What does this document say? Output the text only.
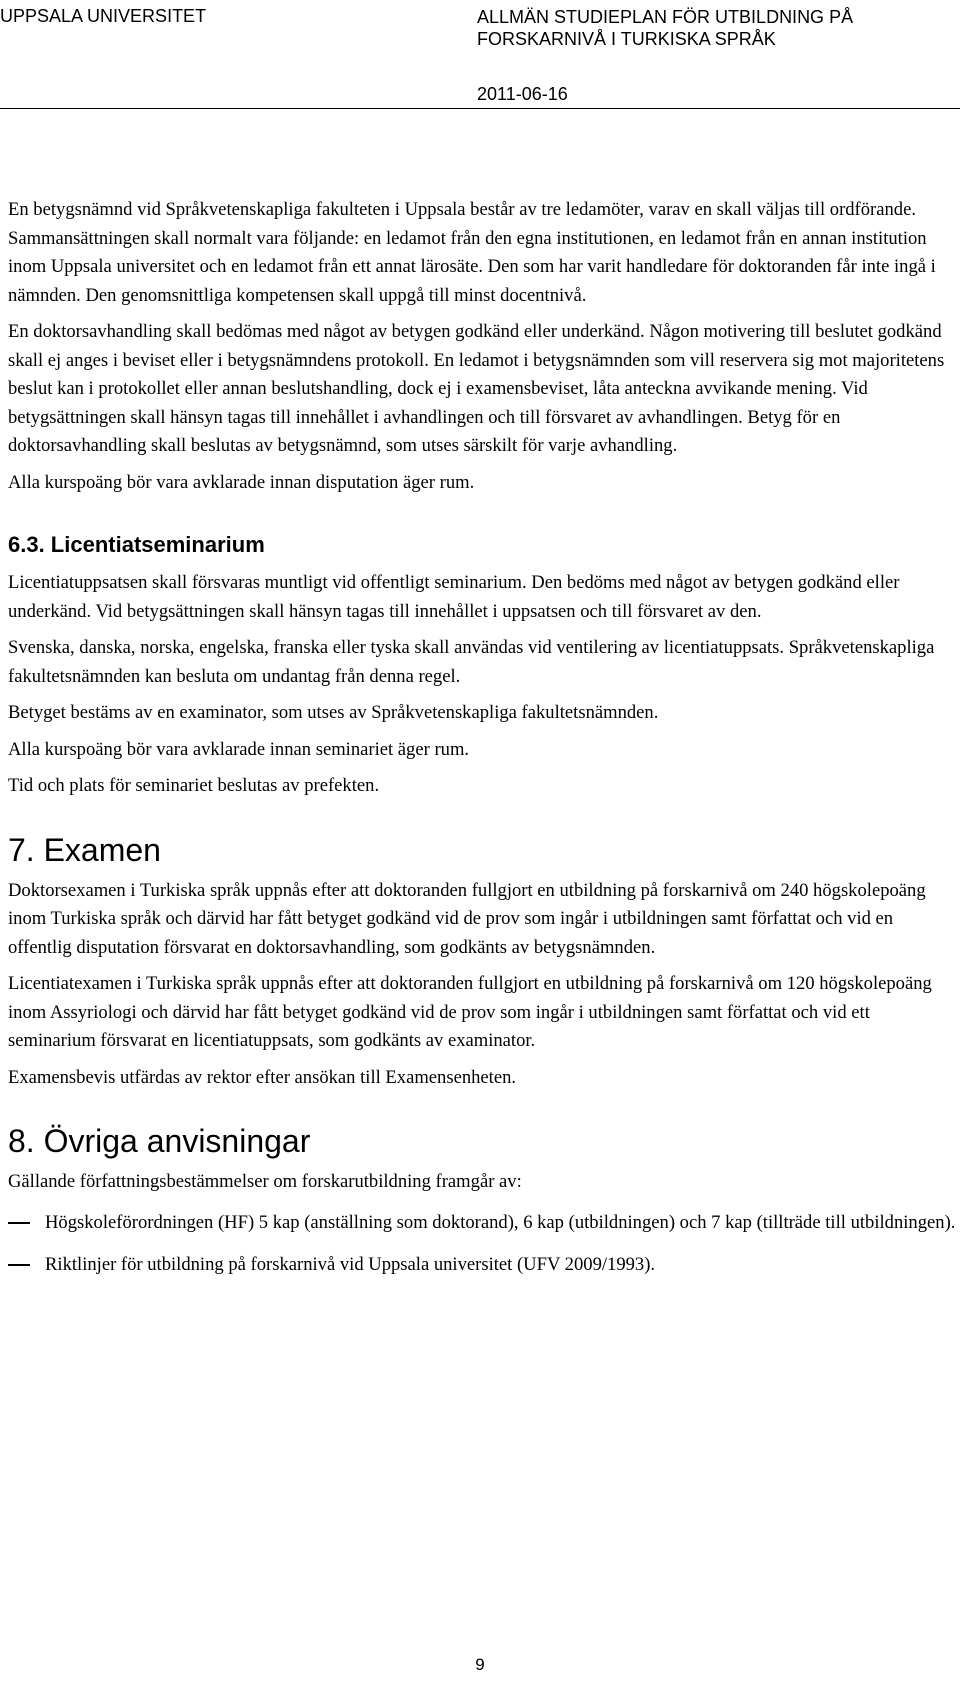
UPPSALA UNIVERSITET	ALLMÄN STUDIEPLAN FÖR UTBILDNING PÅ
FORSKARNIVÅ I TURKISKA SPRÅK
2011-06-16

En betygsnämnd vid Språkvetenskapliga fakulteten i Uppsala består av tre ledamöter, varav en skall väljas till ordförande. Sammansättningen skall normalt vara följande: en ledamot från den egna institutionen, en ledamot från en annan institution inom Uppsala universitet och en ledamot från ett annat lärosäte. Den som har varit handledare för doktoranden får inte ingå i nämnden. Den genomsnittliga kompetensen skall uppgå till minst docentnivå.

En doktorsavhandling skall bedömas med något av betygen godkänd eller underkänd. Någon motivering till beslutet godkänd skall ej anges i beviset eller i betygsnämndens protokoll. En ledamot i betygsnämnden som vill reservera sig mot majoritetens beslut kan i protokollet eller annan beslutshandling, dock ej i examensbeviset, låta anteckna avvikande mening. Vid betygsättningen skall hänsyn tagas till innehållet i avhandlingen och till försvaret av avhandlingen. Betyg för en doktorsavhandling skall beslutas av betygsnämnd, som utses särskilt för varje avhandling.

Alla kurspoäng bör vara avklarade innan disputation äger rum.

6.3. Licentiatseminarium

Licentiatuppsatsen skall försvaras muntligt vid offentligt seminarium. Den bedöms med något av betygen godkänd eller underkänd. Vid betygsättningen skall hänsyn tagas till innehållet i uppsatsen och till försvaret av den.

Svenska, danska, norska, engelska, franska eller tyska skall användas vid ventilering av licentiatuppsats. Språkvetenskapliga fakultetsnämnden kan besluta om undantag från denna regel.

Betyget bestäms av en examinator, som utses av Språkvetenskapliga fakultetsnämnden.

Alla kurspoäng bör vara avklarade innan seminariet äger rum.

Tid och plats för seminariet beslutas av prefekten.

7. Examen

Doktorsexamen i Turkiska språk uppnås efter att doktoranden fullgjort en utbildning på forskarnivå om 240 högskolepoäng inom Turkiska språk och därvid har fått betyget godkänd vid de prov som ingår i utbildningen samt författat och vid en offentlig disputation försvarat en doktorsavhandling, som godkänts av betygsnämnden.

Licentiatexamen i Turkiska språk uppnås efter att doktoranden fullgjort en utbildning på forskarnivå om 120 högskolepoäng inom Assyriologi och därvid har fått betyget godkänd vid de prov som ingår i utbildningen samt författat och vid ett seminarium försvarat en licentiatuppsats, som godkänts av examinator.

Examensbevis utfärdas av rektor efter ansökan till Examensenheten.

8. Övriga anvisningar

Gällande författningsbestämmelser om forskarutbildning framgår av:

Högskoleförordningen (HF) 5 kap (anställning som doktorand), 6 kap (utbildningen) och 7 kap (tillträde till utbildningen).
Riktlinjer för utbildning på forskarnivå vid Uppsala universitet (UFV 2009/1993).
9
